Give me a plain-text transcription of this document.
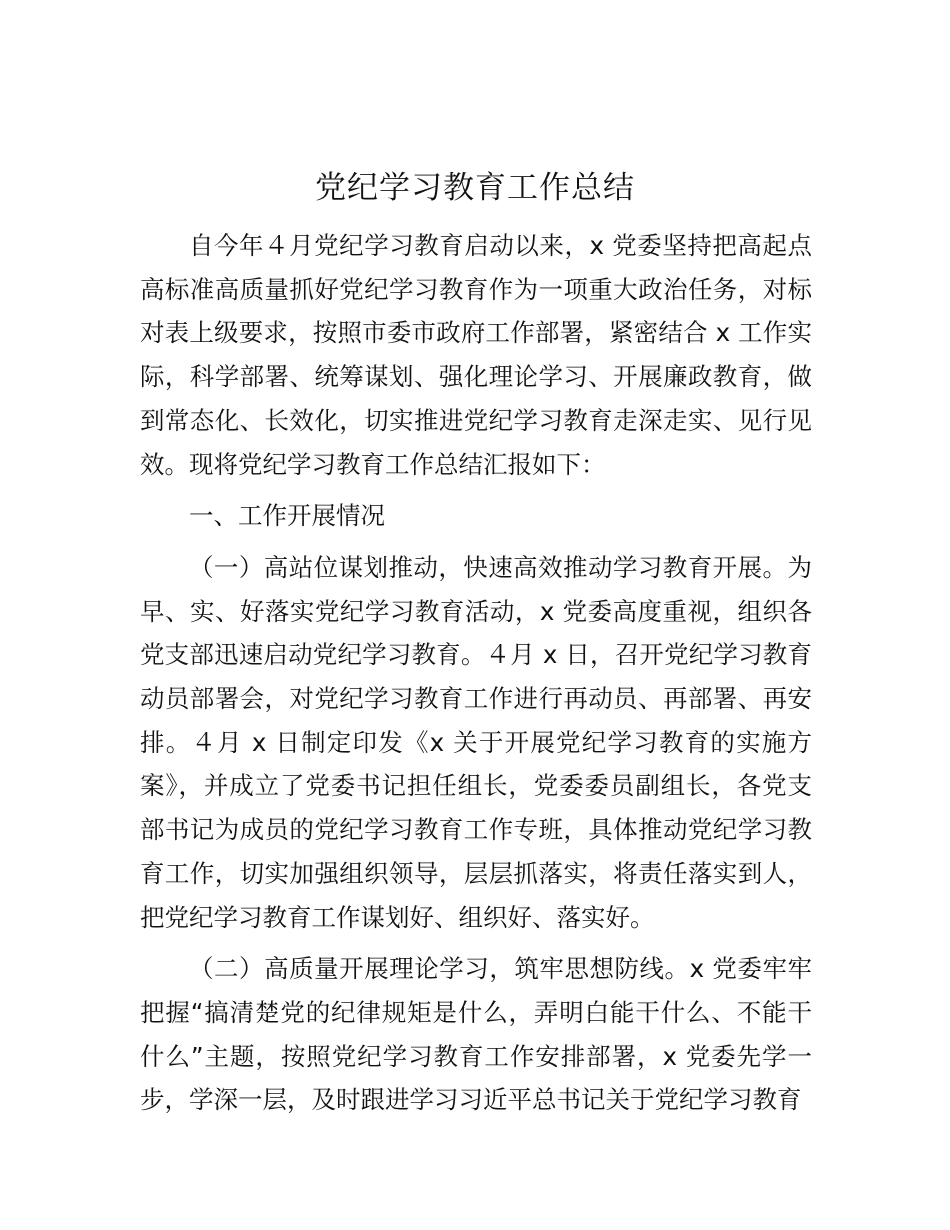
党纪学习教育工作总结

自今年４月党纪学习教育启动以来，x 党委坚持把高起点高标准高质量抓好党纪学习教育作为一项重大政治任务，对标对表上级要求，按照市委市政府工作部署，紧密结合 x 工作实际，科学部署、统筹谋划、强化理论学习、开展廉政教育，做到常态化、长效化，切实推进党纪学习教育走深走实、见行见效。现将党纪学习教育工作总结汇报如下：

一、工作开展情况

（一）高站位谋划推动，快速高效推动学习教育开展。为早、实、好落实党纪学习教育活动，x 党委高度重视，组织各党支部迅速启动党纪学习教育。４月 x 日，召开党纪学习教育动员部署会，对党纪学习教育工作进行再动员、再部署、再安排。４月 x 日制定印发《x 关于开展党纪学习教育的实施方案》，并成立了党委书记担任组长，党委委员副组长，各党支部书记为成员的党纪学习教育工作专班，具体推动党纪学习教育工作，切实加强组织领导，层层抓落实，将责任落实到人，把党纪学习教育工作谋划好、组织好、落实好。

（二）高质量开展理论学习，筑牢思想防线。x 党委牢牢把握“搞清楚党的纪律规矩是什么，弄明白能干什么、不能干什么”主题，按照党纪学习教育工作安排部署，x 党委先学一步，学深一层，及时跟进学习习近平总书记关于党纪学习教育
